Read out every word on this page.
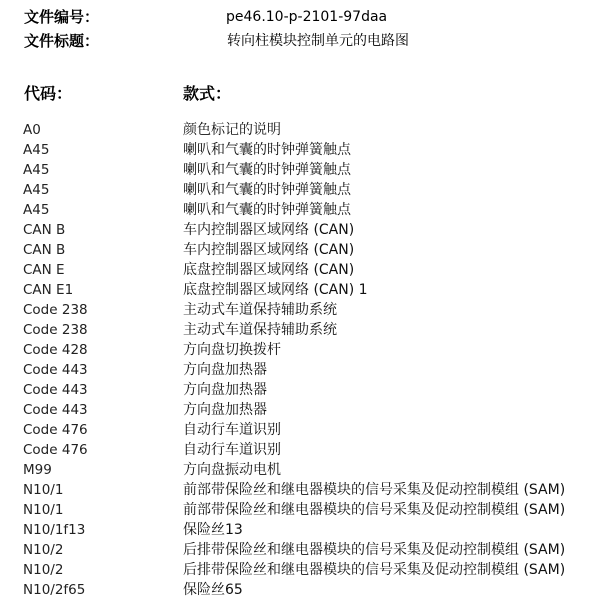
文件编号：	pe46.10-p-2101-97daa
文件标题：	转向柱模块控制单元的电路图
代码：	款式：
A0	颜色标记的说明
A45	喇叭和气囊的时钟弹簧触点
A45	喇叭和气囊的时钟弹簧触点
A45	喇叭和气囊的时钟弹簧触点
A45	喇叭和气囊的时钟弹簧触点
CAN B	车内控制器区域网络 (CAN)
CAN B	车内控制器区域网络 (CAN)
CAN E	底盘控制器区域网络 (CAN)
CAN E1	底盘控制器区域网络 (CAN) 1
Code 238	主动式车道保持辅助系统
Code 238	主动式车道保持辅助系统
Code 428	方向盘切换拨杆
Code 443	方向盘加热器
Code 443	方向盘加热器
Code 443	方向盘加热器
Code 476	自动行车道识别
Code 476	自动行车道识别
M99	方向盘振动电机
N10/1	前部带保险丝和继电器模块的信号采集及促动控制模组 (SAM)
N10/1	前部带保险丝和继电器模块的信号采集及促动控制模组 (SAM)
N10/1f13	保险丝13
N10/2	后排带保险丝和继电器模块的信号采集及促动控制模组 (SAM)
N10/2	后排带保险丝和继电器模块的信号采集及促动控制模组 (SAM)
N10/2f65	保险丝65
